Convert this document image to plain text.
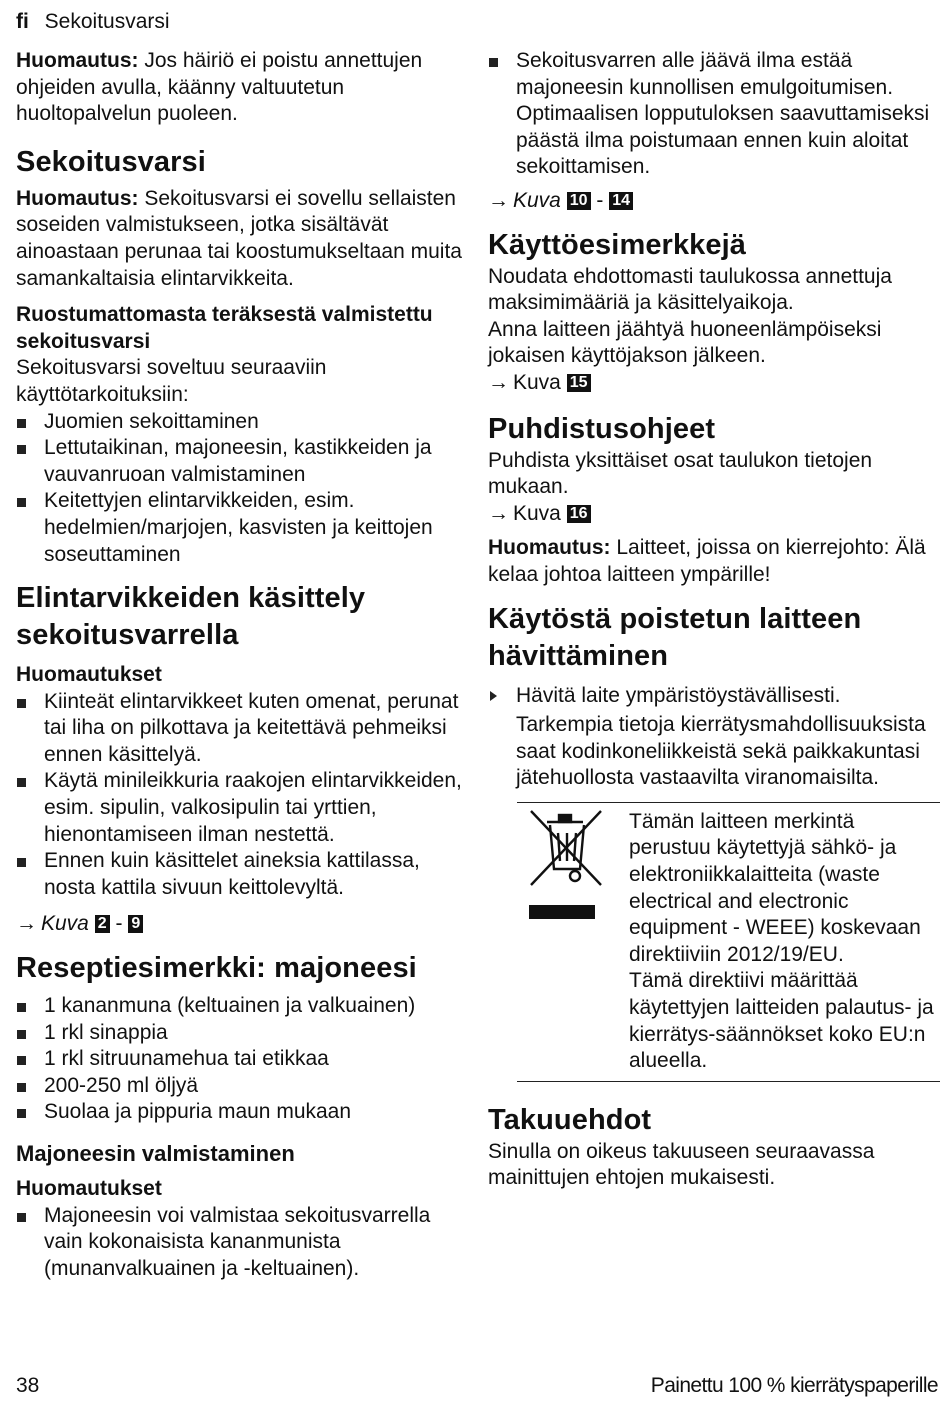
fi Sekoitusvarsi

Huomautus: Jos häiriö ei poistu annettujen ohjeiden avulla, käänny valtuutetun huoltopalvelun puoleen.

Sekoitusvarsi

Huomautus: Sekoitusvarsi ei sovellu sellaisten soseiden valmistukseen, jotka sisältävät ainoastaan perunaa tai koostumukseltaan muita samankaltaisia elintarvikkeita.

Ruostumattomasta teräksestä valmistettu sekoitusvarsi

Sekoitusvarsi soveltuu seuraaviin käyttötarkoituksiin:

Juomien sekoittaminen
Lettutaikinan, majoneesin, kastikkeiden ja vauvanruoan valmistaminen
Keitettyjen elintarvikkeiden, esim. hedelmien/marjojen, kasvisten ja keittojen soseuttaminen
Elintarvikkeiden käsittely sekoitusvarrella
Huomautukset
Kiinteät elintarvikkeet kuten omenat, perunat tai liha on pilkottava ja keitettävä pehmeiksi ennen käsittelyä.
Käytä minileikkuria raakojen elintarvikkeiden, esim. sipulin, valkosipulin tai yrttien, hienontamiseen ilman nestettä.
Ennen kuin käsittelet aineksia kattilassa, nosta kattila sivuun keittolevyltä.

→ Kuva 2 - 9

Reseptiesimerkki: majoneesi
1 kananmuna (keltuainen ja valkuainen)
1 rkl sinappia
1 rkl sitruunamehua tai etikkaa
200-250 ml öljyä
Suolaa ja pippuria maun mukaan
Majoneesin valmistaminen
Huomautukset
Majoneesin voi valmistaa sekoitusvarrella vain kokonaisista kananmunista (munanvalkuainen ja -keltuainen).
Sekoitusvarren alle jäävä ilma estää majoneesin kunnollisen emulgoitumisen. Optimaalisen lopputuloksen saavuttamiseksi päästä ilma poistumaan ennen kuin aloitat sekoittamisen.

→ Kuva 10 - 14

Käyttöesimerkkejä

Noudata ehdottomasti taulukossa annettuja maksimimääriä ja käsittelyaikoja.

Anna laitteen jäähtyä huoneenlämpöiseksi jokaisen käyttöjakson jälkeen.

→ Kuva 15

Puhdistusohjeet

Puhdista yksittäiset osat taulukon tietojen mukaan.

→ Kuva 16

Huomautus: Laitteet, joissa on kierrejohto: Älä kelaa johtoa laitteen ympärille!

Käytöstä poistetun laitteen hävittäminen
Hävitä laite ympäristöystävällisesti.

Tarkempia tietoja kierrätysmahdollisuuksista saat kodinkoneliikkeistä sekä paikkakuntasi jätehuollosta vastaavilta viranomaisilta.

Tämän laitteen merkintä perustuu käytettyjä sähkö- ja elektroniikkalaitteita (waste electrical and electronic equipment - WEEE) koskevaan direktiiviin 2012/19/EU.

Tämä direktiivi määrittää käytettyjen laitteiden palautus- ja kierrätys-säännökset koko EU:n alueella.

Takuuehdot

Sinulla on oikeus takuuseen seuraavassa mainittujen ehtojen mukaisesti.

38	Painettu 100 % kierrätyspaperille
